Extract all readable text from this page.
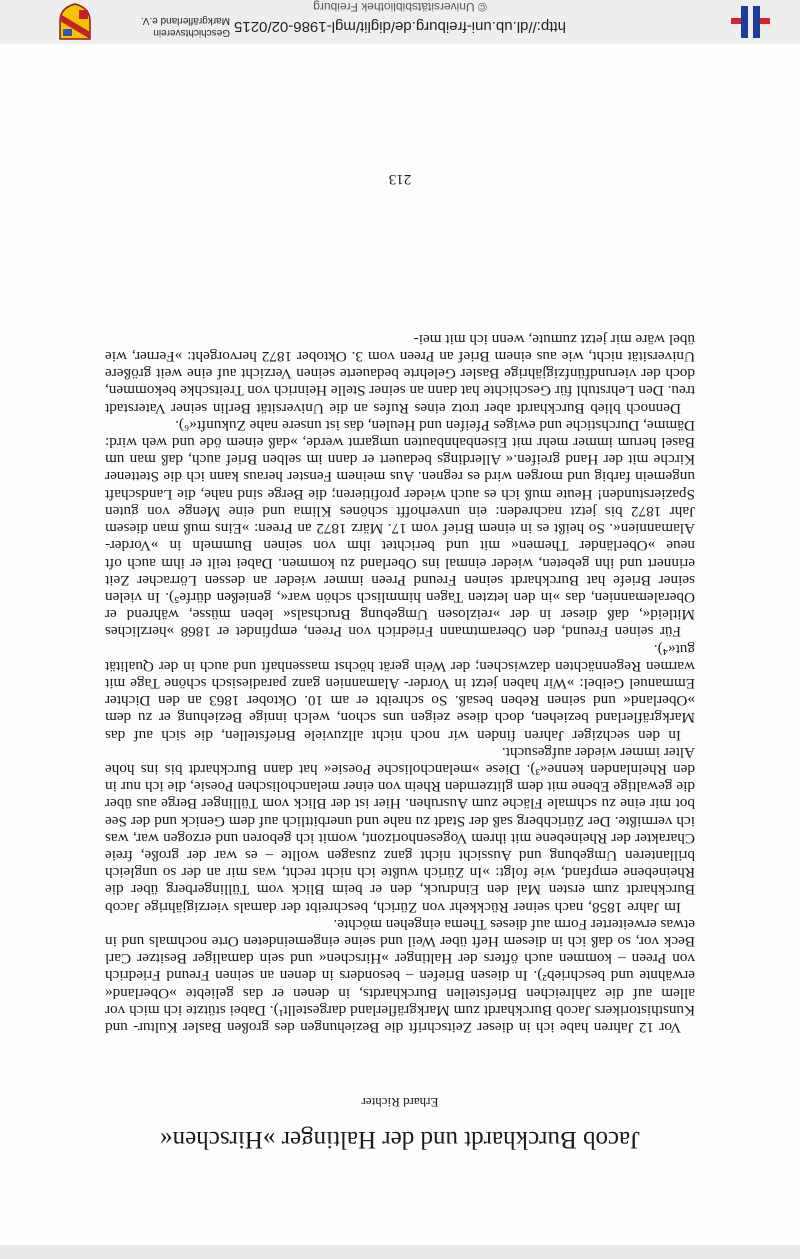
Jacob Burckhardt und der Haltinger »Hirschen«
Erhard Richter

Vor 12 Jahren habe ich in dieser Zeitschrift die Beziehungen des großen Basler Kultur- und Kunsthistorikers Jacob Burckhardt zum Markgräflerland dargestellt¹). Dabei stützte ich mich vor allem auf die zahlreichen Briefstellen Burckhardts, in denen er das geliebte »Oberland« erwähnte und beschrieb²). In diesen Briefen – besonders in denen an seinen Freund Friedrich von Preen – kommen auch öfters der Haltinger »Hirschen« und sein damaliger Besitzer Carl Beck vor, so daß ich in diesem Heft über Weil und seine eingemeindeten Orte nochmals und in etwas erweiterter Form auf dieses Thema eingehen möchte.

Im Jahre 1858, nach seiner Rückkehr von Zürich, beschreibt der damals vierzigjährige Jacob Burckhardt zum ersten Mal den Eindruck, den er beim Blick vom Tüllingerberg über die Rheinebene empfand, wie folgt: »In Zürich wußte ich nicht recht, was mir an der so ungleich brillanteren Umgebung und Aussicht nicht ganz zusagen wollte – es war der große, freie Charakter der Rheinebene mit ihrem Vogesenhorizont, womit ich geboren und erzogen war, was ich vermißte. Der Zürichberg saß der Stadt zu nahe und unerbittlich auf dem Genick und der See bot mir eine zu schmale Fläche zum Ausruhen. Hier ist der Blick vom Tüllinger Berge aus über die gewaltige Ebene mit dem glitzernden Rhein von einer melancholischen Poesie, die ich nur in den Rheinlanden kenne«³). Diese »melancholische Poesie« hat dann Burckhardt bis ins hohe Alter immer wieder aufgesucht.

In den sechziger Jahren finden wir noch nicht allzuviele Briefstellen, die sich auf das Markgräflerland beziehen, doch diese zeigen uns schon, welch innige Beziehung er zu dem »Oberland« und seinen Reben besaß. So schreibt er am 10. Oktober 1863 an den Dichter Emmanuel Geibel: »Wir haben jetzt in Vorder- Alamannien ganz paradiesisch schöne Tage mit warmen Regennächten dazwischen; der Wein gerät höchst massenhaft und auch in der Qualität gut«⁴).

Für seinen Freund, den Oberamtmann Friedrich von Preen, empfindet er 1868 »herzliches Mitleid«, daß dieser in der »reizlosen Umgebung Bruchsals« leben müsse, während er Oberalemannien, das »in den letzten Tagen himmlisch schön war«, genießen dürfe⁵). In vielen seiner Briefe hat Burckhardt seinen Freund Preen immer wieder an dessen Lörracher Zeit erinnert und ihn gebeten, wieder einmal ins Oberland zu kommen. Dabei teilt er ihm auch oft neue »Oberländer Themen« mit und berichtet ihm von seinen Bummeln in »Vorder-Alamannien«. So heißt es in einem Brief vom 17. März 1872 an Preen: »Eins muß man diesem Jahr 1872 bis jetzt nachreden: ein unverhofft schönes Klima und eine Menge von guten Spazierstunden! Heute muß ich es auch wieder profitieren; die Berge sind nahe, die Landschaft ungemein farbig und morgen wird es regnen. Aus meinem Fenster heraus kann ich die Stettener Kirche mit der Hand greifen.« Allerdings bedauert er dann im selben Brief auch, daß man um Basel herum immer mehr mit Eisenbahnbauten umgarnt werde, »daß einem öde und weh wird: Dämme, Durchstiche und ewiges Pfeifen und Heulen, das ist unsere nahe Zukunft«⁶).

Dennoch blieb Burckhardt aber trotz eines Rufes an die Universität Berlin seiner Vaterstadt treu. Den Lehrstuhl für Geschichte hat dann an seiner Stelle Heinrich von Treitschke bekommen, doch der vierundfünfzigjährige Basler Gelehrte bedauerte seinen Verzicht auf eine weit größere Universität nicht, wie aus einem Brief an Preen vom 3. Oktober 1872 hervorgeht: »Ferner, wie übel wäre mir jetzt zumute, wenn ich mit mei-

213
http://dl.ub.uni-freiburg.de/diglit/mgl-1986-02/0215
© Universitätsbibliothek Freiburg
Geschichtsverein
Markgräflerland e.V.
